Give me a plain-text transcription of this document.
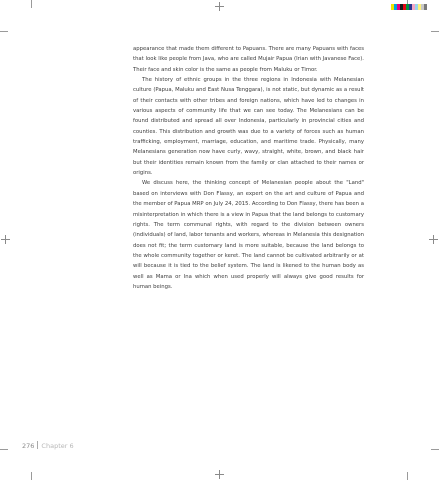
appearance that made them different to Papuans. There are many Papuans with faces that look like people from Java, who are called Mujair Papua (Irian with Javanese Face). Their face and skin color is the same as people from Maluku or Timor.

The history of ethnic groups in the three regions in Indonesia with Melanesian culture (Papua, Maluku and East Nusa Tenggara), is not static, but dynamic as a result of their contacts with other tribes and foreign nations, which have led to changes in various aspects of community life that we can see today. The Melanesians can be found distributed and spread all over Indonesia, particularly in provincial cities and counties. This distribution and growth was due to a variety of forces such as human trafficking, employment, marriage, education, and maritime trade. Physically, many Melanesians generation now have curly, wavy, straight, white, brown, and black hair but their identities remain known from the family or clan attached to their names or origins.

We discuss here, the thinking concept of Melanesian people about the "Land" based on interviews with Don Flassy, an expert on the art and culture of Papua and the member of Papua MRP on July 24, 2015. According to Don Flassy, there has been a misinterpretation in which there is a view in Papua that the land belongs to customary rights. The term communal rights, with regard to the division between owners (individuals) of land, labor tenants and workers, whereas in Melanesia this designation does not fit; the term customary land is more suitable, because the land belongs to the whole community together or keret. The land cannot be cultivated arbitrarily or at will because it is tied to the belief system. The land is likened to the human body as well as Mama or Ina which when used properly will always give good results for human beings.

276 Chapter 6
